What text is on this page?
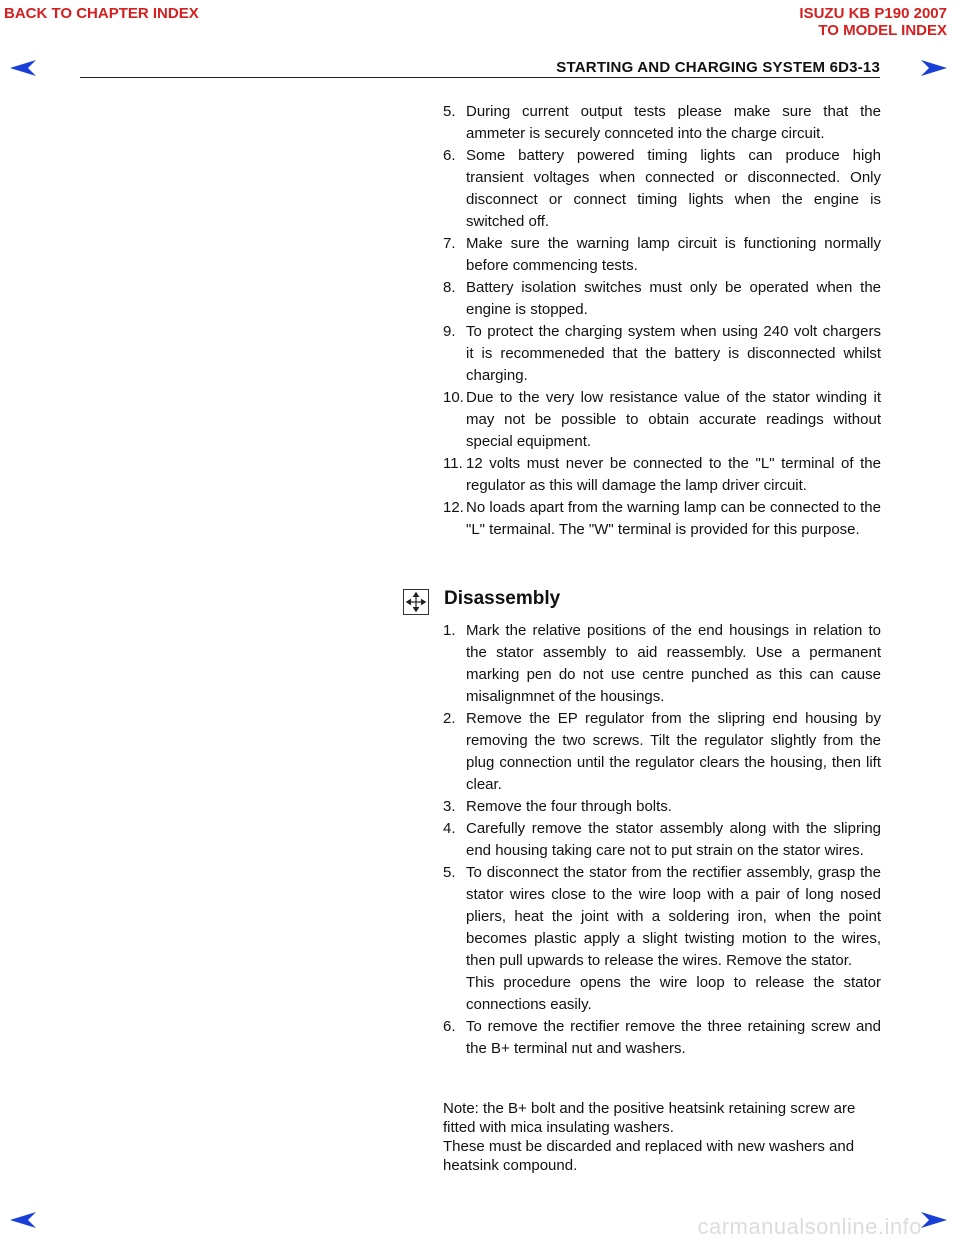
BACK TO CHAPTER INDEX	ISUZU KB P190 2007
TO MODEL INDEX
STARTING AND CHARGING SYSTEM 6D3-13
5. During current output tests please make sure that the ammeter is securely connceted into the charge circuit.
6. Some battery powered timing lights can produce high transient voltages when connected or disconnected. Only disconnect or connect timing lights when the engine is switched off.
7. Make sure the warning lamp circuit is functioning normally before commencing tests.
8. Battery isolation switches must only be operated when the engine is stopped.
9. To protect the charging system when using 240 volt chargers it is recommeneded that the battery is disconnected whilst charging.
10. Due to the very low resistance value of the stator winding it may not be possible to obtain accurate readings without special equipment.
11. 12 volts must never be connected to the "L" terminal of the regulator as this will damage the lamp driver circuit.
12. No loads apart from the warning lamp can be connected to the "L" termainal. The "W" terminal is provided for this purpose.
Disassembly
1. Mark the relative positions of the end housings in relation to the stator assembly to aid reassembly. Use a permanent marking pen do not use centre punched as this can cause misalignmnet of the housings.
2. Remove the EP regulator from the slipring end housing by removing the two screws. Tilt the regulator slightly from the plug connection until the regulator clears the housing, then lift clear.
3. Remove the four through bolts.
4. Carefully remove the stator assembly along with the slipring end housing taking care not to put strain on the stator wires.
5. To disconnect the stator from the rectifier assembly, grasp the stator wires close to the wire loop with a pair of long nosed pliers, heat the joint with a soldering iron, when the point becomes plastic apply a slight twisting motion to the wires, then pull upwards to release the wires. Remove the stator.
This procedure opens the wire loop to release the stator connections easily.
6. To remove the rectifier remove the three retaining screw and the B+ terminal nut and washers.

Note: the B+ bolt and the positive heatsink retaining screw are fitted with mica insulating washers.

These must be discarded and replaced with new washers and heatsink compound.

carmanualsonline.info
